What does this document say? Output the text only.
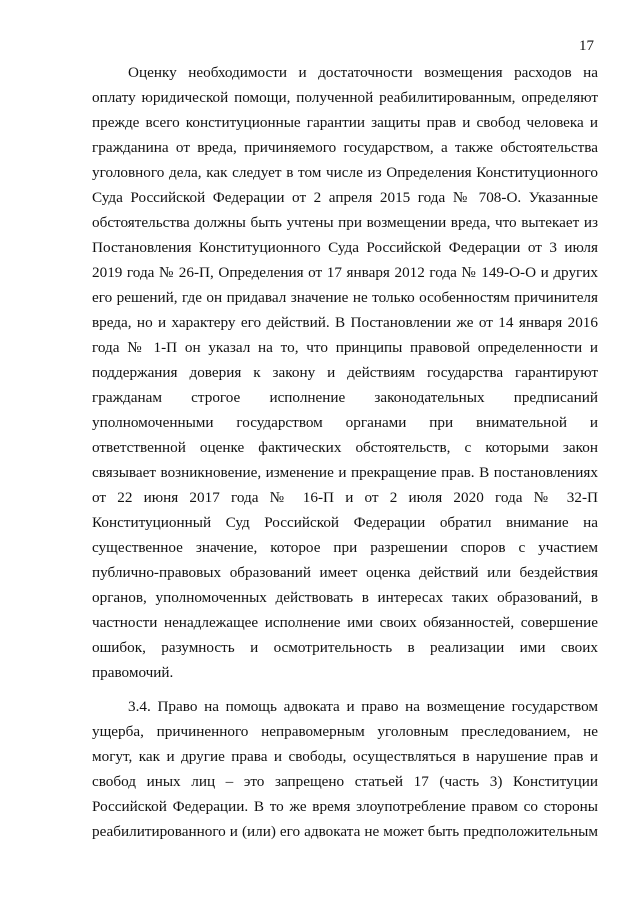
17
Оценку необходимости и достаточности возмещения расходов на
оплату юридической помощи, полученной реабилитированным, определяют
прежде всего конституционные гарантии защиты прав и свобод человека и
гражданина от вреда, причиняемого государством, а также обстоятельства
уголовного дела, как следует в том числе из Определения Конституционного
Суда Российской Федерации от 2 апреля 2015 года № 708-О. Указанные
обстоятельства должны быть учтены при возмещении вреда, что вытекает из
Постановления Конституционного Суда Российской Федерации от 3 июля
2019 года № 26-П, Определения от 17 января 2012 года № 149-О-О и других
его решений, где он придавал значение не только особенностям причинителя
вреда, но и характеру его действий. В Постановлении же от 14 января 2016
года № 1-П он указал на то, что принципы правовой определенности и
поддержания доверия к закону и действиям государства гарантируют
гражданам строгое исполнение законодательных предписаний
уполномоченными государством органами при внимательной и
ответственной оценке фактических обстоятельств, с которыми закон
связывает возникновение, изменение и прекращение прав. В постановлениях
от 22 июня 2017 года № 16-П и от 2 июля 2020 года № 32-П
Конституционный Суд Российской Федерации обратил внимание на
существенное значение, которое при разрешении споров с участием
публично-правовых образований имеет оценка действий или бездействия
органов, уполномоченных действовать в интересах таких образований, в
частности ненадлежащее исполнение ими своих обязанностей, совершение
ошибок, разумность и осмотрительность в реализации ими своих
правомочий.
3.4. Право на помощь адвоката и право на возмещение государством
ущерба, причиненного неправомерным уголовным преследованием, не
могут, как и другие права и свободы, осуществляться в нарушение прав и
свобод иных лиц – это запрещено статьей 17 (часть 3) Конституции
Российской Федерации. В то же время злоупотребление правом со стороны
реабилитированного и (или) его адвоката не может быть предположительным
